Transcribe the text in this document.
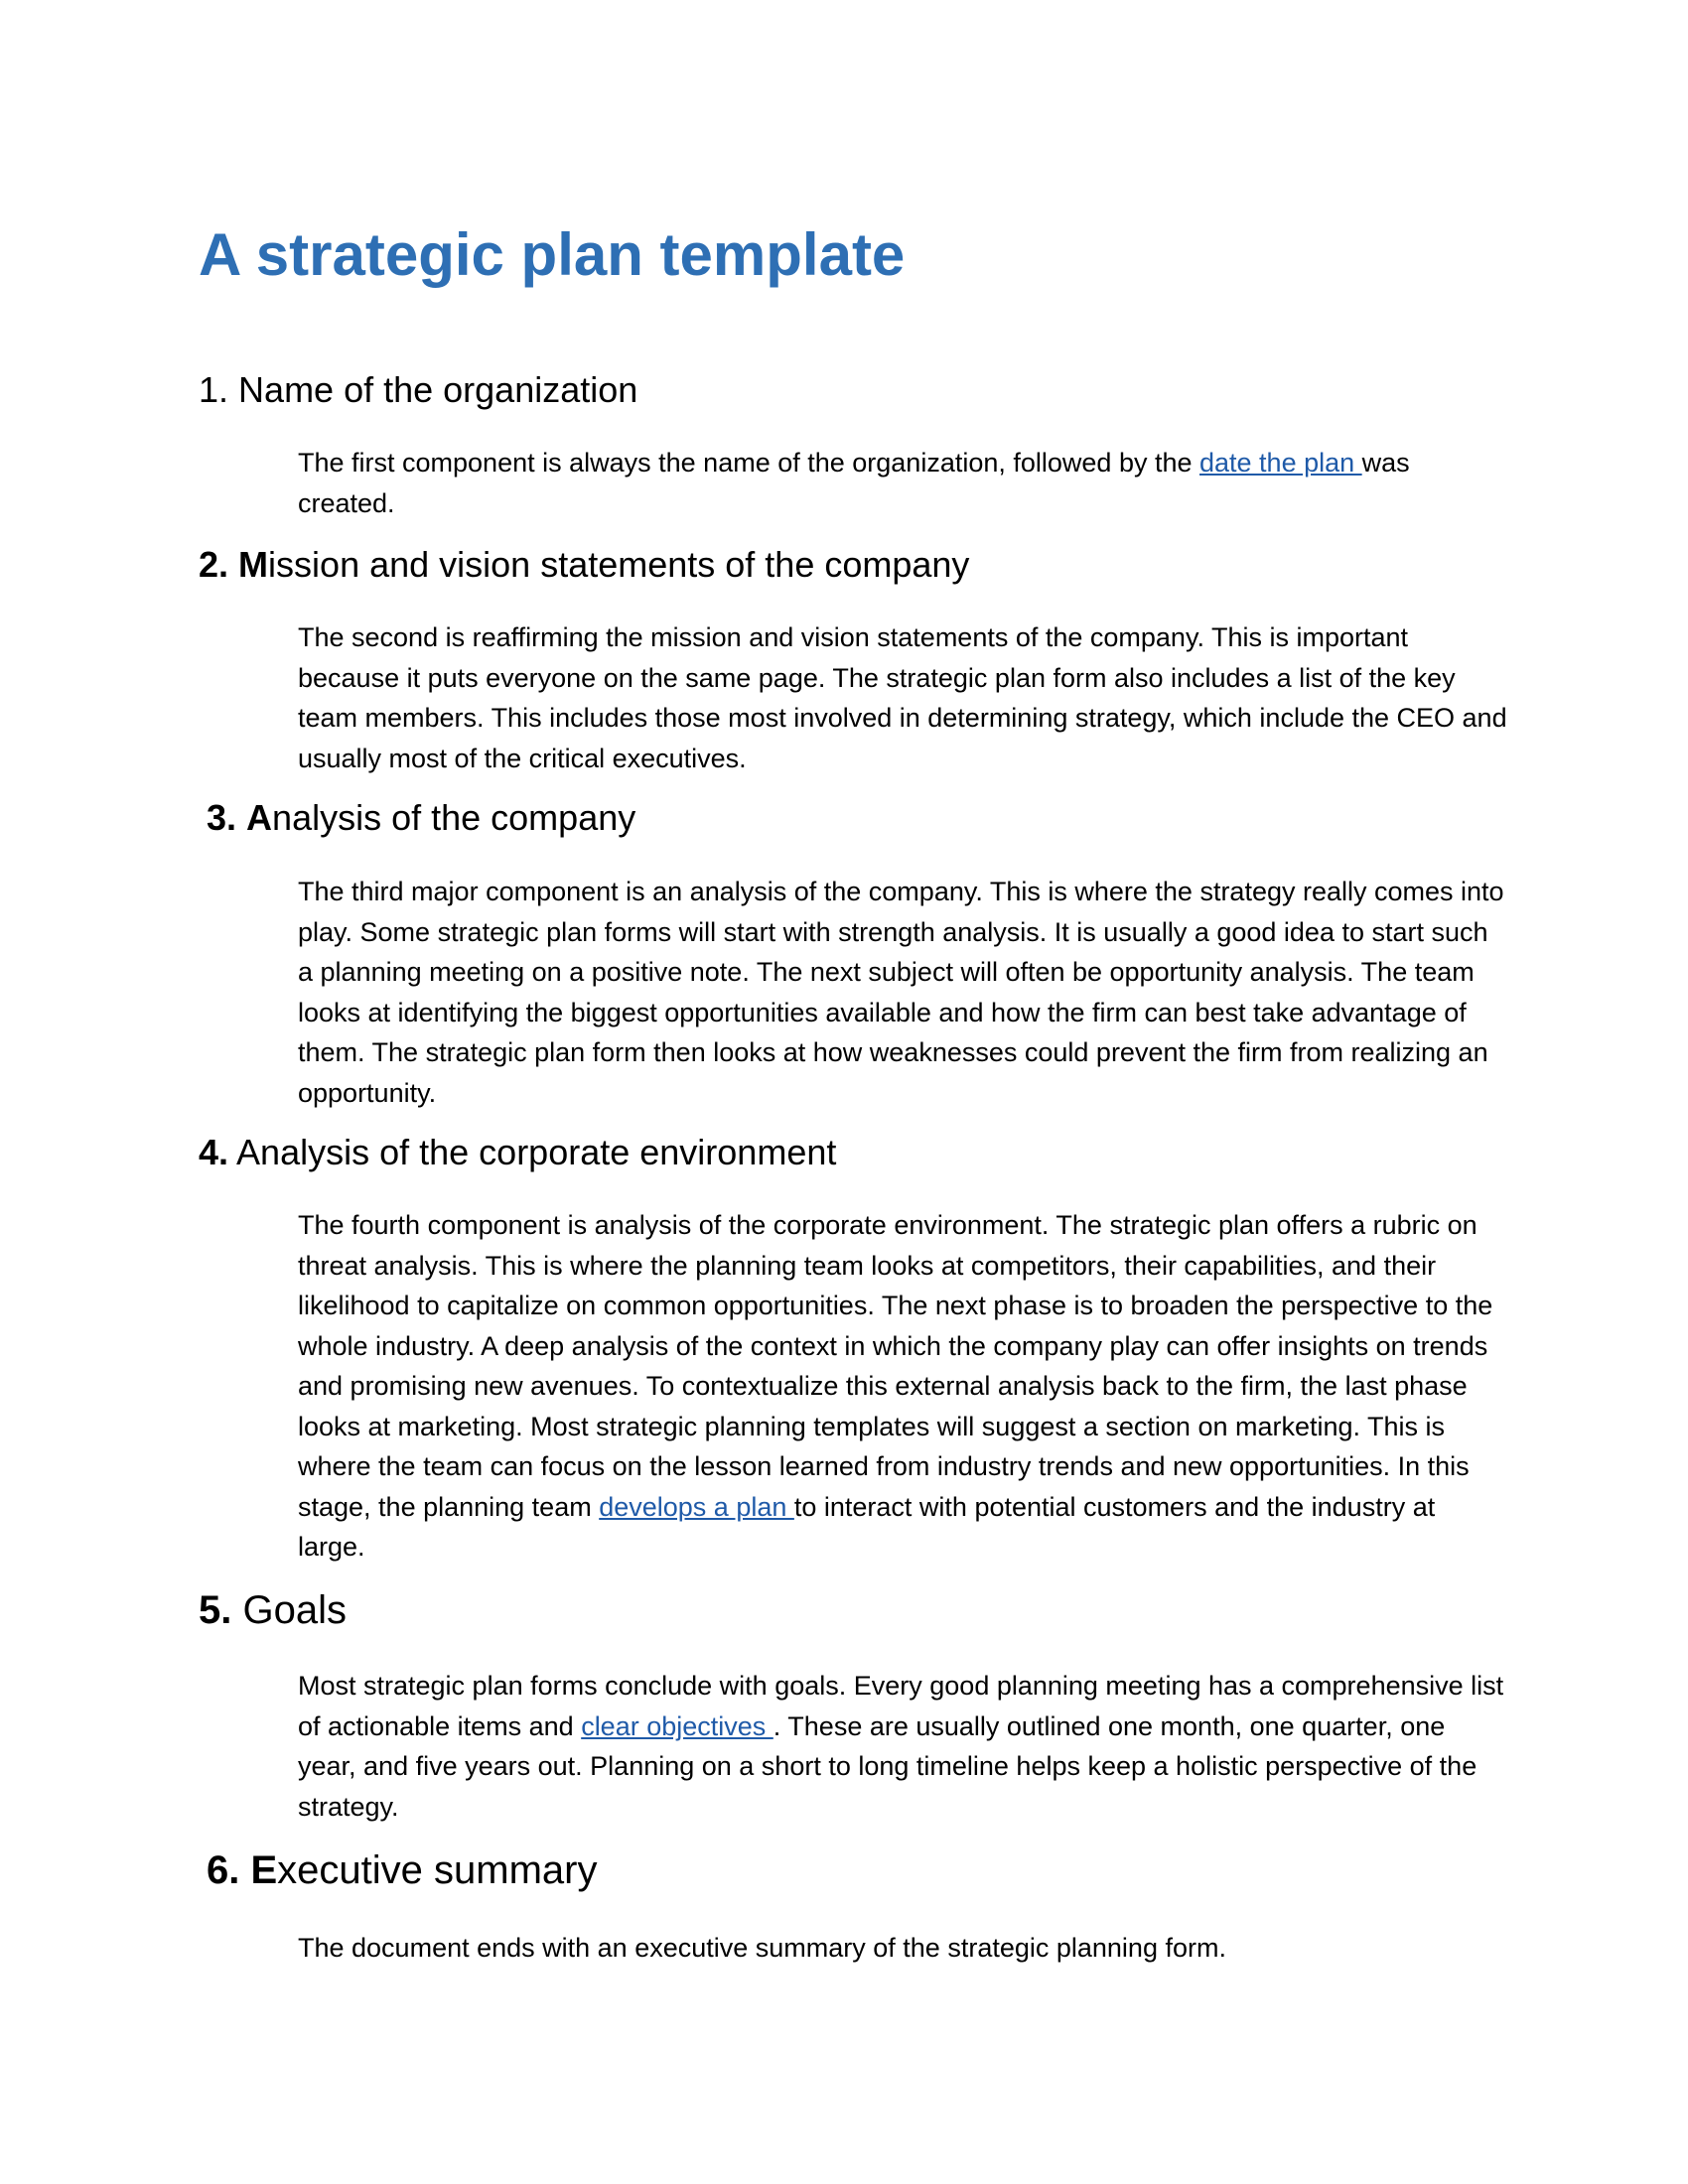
A strategic plan template
1. Name of the organization

The first component is always the name of the organization, followed by the date the plan was created.

2. Mission and vision statements of the company

The second is reaffirming the mission and vision statements of the company. This is important because it puts everyone on the same page. The strategic plan form also includes a list of the key team members. This includes those most involved in determining strategy, which include the CEO and usually most of the critical executives.

3. Analysis of the company

The third major component is an analysis of the company. This is where the strategy really comes into play. Some strategic plan forms will start with strength analysis. It is usually a good idea to start such a planning meeting on a positive note. The next subject will often be opportunity analysis. The team looks at identifying the biggest opportunities available and how the firm can best take advantage of them. The strategic plan form then looks at how weaknesses could prevent the firm from realizing an opportunity.

4. Analysis of the corporate environment

The fourth component is analysis of the corporate environment. The strategic plan offers a rubric on threat analysis. This is where the planning team looks at competitors, their capabilities, and their likelihood to capitalize on common opportunities. The next phase is to broaden the perspective to the whole industry. A deep analysis of the context in which the company play can offer insights on trends and promising new avenues. To contextualize this external analysis back to the firm, the last phase looks at marketing. Most strategic planning templates will suggest a section on marketing. This is where the team can focus on the lesson learned from industry trends and new opportunities. In this stage, the planning team develops a plan to interact with potential customers and the industry at large.

5. Goals

Most strategic plan forms conclude with goals. Every good planning meeting has a comprehensive list of actionable items and clear objectives . These are usually outlined one month, one quarter, one year, and five years out. Planning on a short to long timeline helps keep a holistic perspective of the strategy.

6. Executive summary

The document ends with an executive summary of the strategic planning form.
